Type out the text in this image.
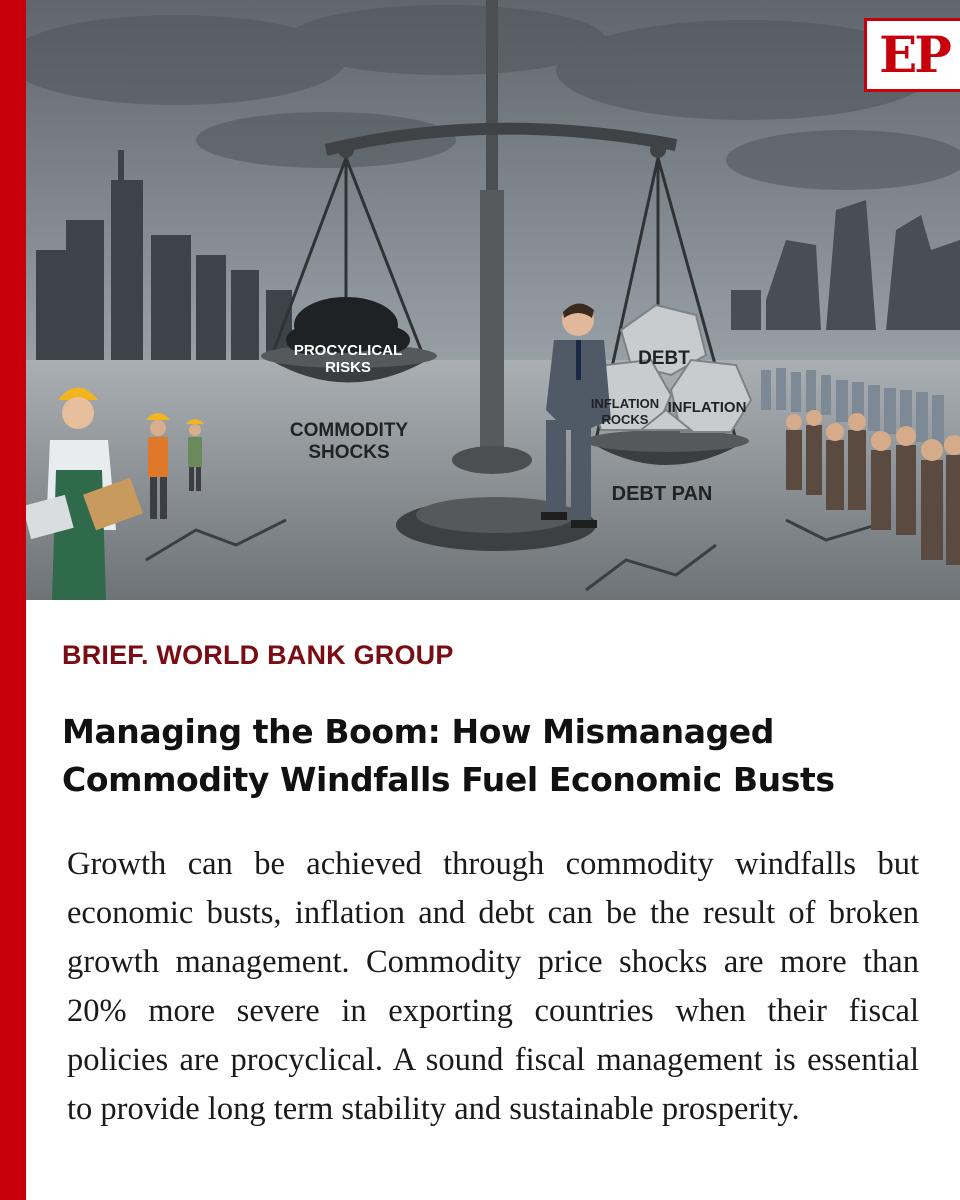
PROCYCLICAL
RISKS
COMMODITY
SHOCKS
DEBT
INFLATION
ROCKS
INFLATION
DEBT PAN
EP
BRIEF. WORLD BANK GROUP
Managing the Boom: How Mismanaged Commodity Windfalls Fuel Economic Busts
Growth can be achieved through commodity windfalls but economic busts, inflation and debt can be the result of broken growth management. Commodity price shocks are more than 20% more severe in exporting countries when their fiscal policies are procyclical. A sound fiscal management is essential to provide long term stability and sustainable prosperity.
